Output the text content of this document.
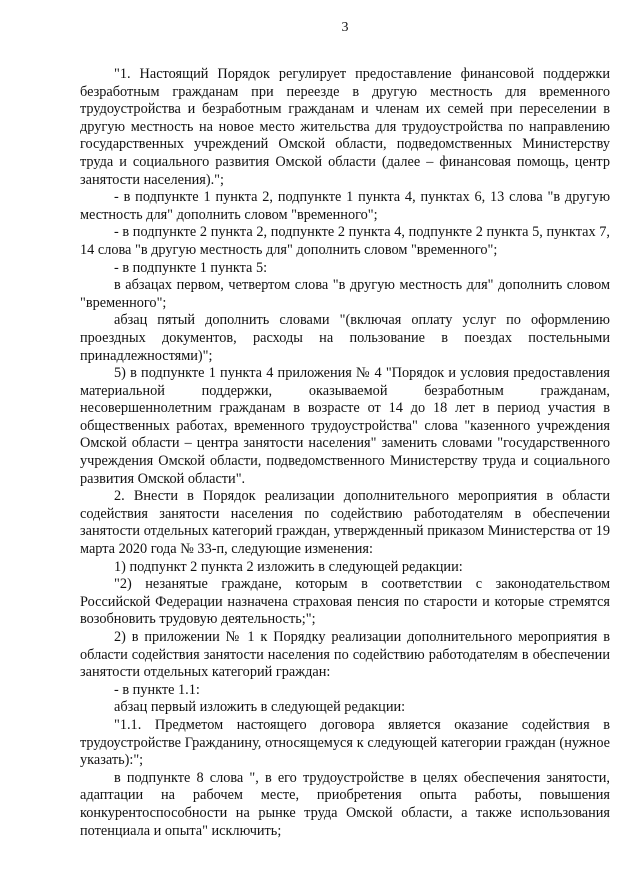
3

"1. Настоящий Порядок регулирует предоставление финансовой поддержки безработным гражданам при переезде в другую местность для временного трудоустройства и безработным гражданам и членам их семей при переселении в другую местность на новое место жительства для трудоустройства по направлению государственных учреждений Омской области, подведомственных Министерству труда и социального развития Омской области (далее – финансовая помощь, центр занятости населения).";

- в подпункте 1 пункта 2, подпункте 1 пункта 4, пунктах 6, 13 слова "в другую местность для" дополнить словом "временного";

- в подпункте 2 пункта 2, подпункте 2 пункта 4, подпункте 2 пункта 5, пунктах 7, 14 слова "в другую местность для" дополнить словом "временного";

- в подпункте 1 пункта 5:

в абзацах первом, четвертом слова "в другую местность для" дополнить словом "временного";

абзац пятый дополнить словами "(включая оплату услуг по оформлению проездных документов, расходы на пользование в поездах постельными принадлежностями)";

5) в подпункте 1 пункта 4 приложения № 4 "Порядок и условия предоставления материальной поддержки, оказываемой безработным гражданам, несовершеннолетним гражданам в возрасте от 14 до 18 лет в период участия в общественных работах, временного трудоустройства" слова "казенного учреждения Омской области – центра занятости населения" заменить словами "государственного учреждения Омской области, подведомственного Министерству труда и социального развития Омской области".

2. Внести в Порядок реализации дополнительного мероприятия в области содействия занятости населения по содействию работодателям в обеспечении занятости отдельных категорий граждан, утвержденный приказом Министерства от 19 марта 2020 года № 33-п, следующие изменения:

1) подпункт 2 пункта 2 изложить в следующей редакции:

"2) незанятые граждане, которым в соответствии с законодательством Российской Федерации назначена страховая пенсия по старости и которые стремятся возобновить трудовую деятельность;";

2) в приложении № 1 к Порядку реализации дополнительного мероприятия в области содействия занятости населения по содействию работодателям в обеспечении занятости отдельных категорий граждан:

- в пункте 1.1:

абзац первый изложить в следующей редакции:

"1.1. Предметом настоящего договора является оказание содействия в трудоустройстве Гражданину, относящемуся к следующей категории граждан (нужное указать):";

в подпункте 8 слова ", в его трудоустройстве в целях обеспечения занятости, адаптации на рабочем месте, приобретения опыта работы, повышения конкурентоспособности на рынке труда Омской области, а также использования потенциала и опыта" исключить;
